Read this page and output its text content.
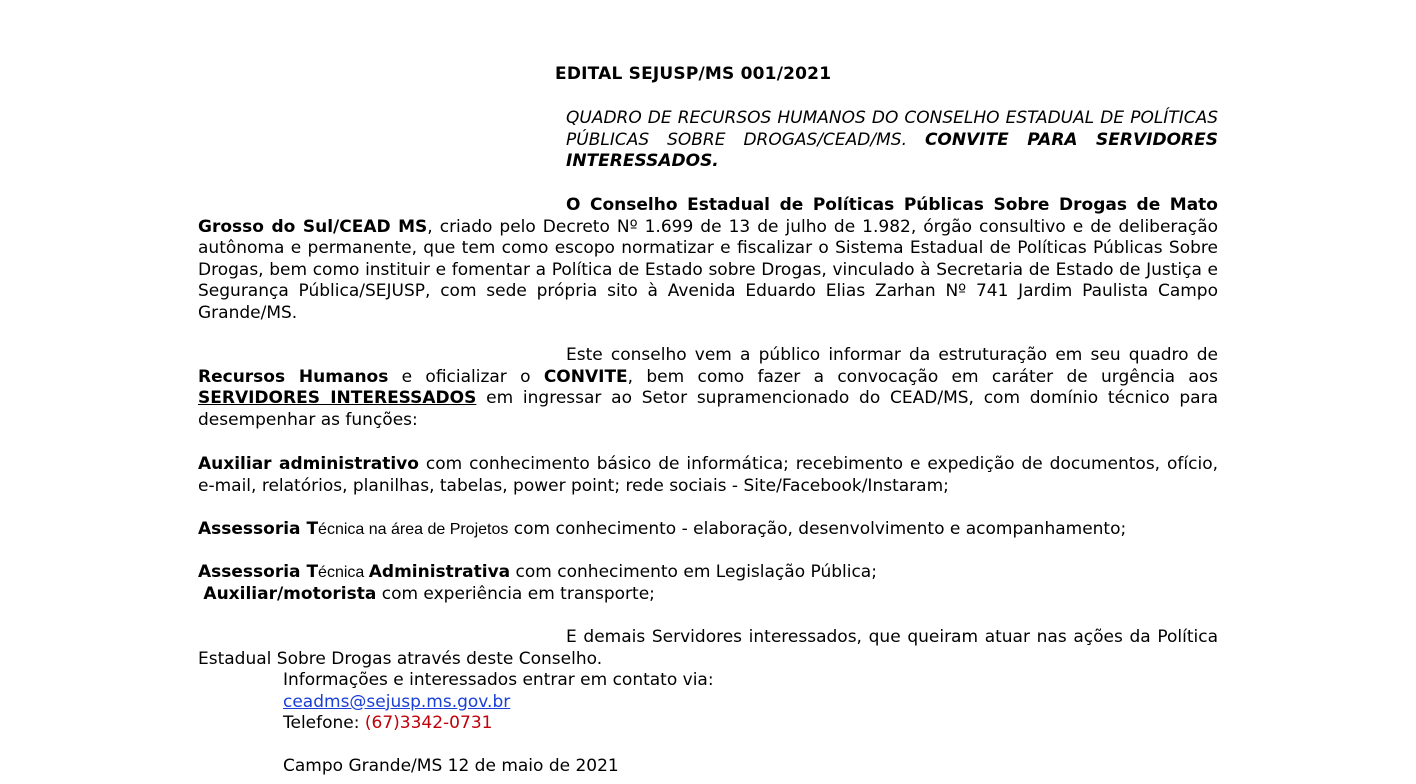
EDITAL SEJUSP/MS 001/2021
QUADRO DE RECURSOS HUMANOS DO CONSELHO ESTADUAL DE POLÍTICAS PÚBLICAS SOBRE DROGAS/CEAD/MS. CONVITE PARA SERVIDORES INTERESSADOS.
O Conselho Estadual de Políticas Públicas Sobre Drogas de Mato Grosso do Sul/CEAD MS, criado pelo Decreto Nº 1.699 de 13 de julho de 1.982, órgão consultivo e de deliberação autônoma e permanente, que tem como escopo normatizar e fiscalizar o Sistema Estadual de Políticas Públicas Sobre Drogas, bem como instituir e fomentar a Política de Estado sobre Drogas, vinculado à Secretaria de Estado de Justiça e Segurança Pública/SEJUSP, com sede própria sito à Avenida Eduardo Elias Zarhan Nº 741 Jardim Paulista Campo Grande/MS.
Este conselho vem a público informar da estruturação em seu quadro de Recursos Humanos e oficializar o CONVITE, bem como fazer a convocação em caráter de urgência aos SERVIDORES INTERESSADOS em ingressar ao Setor supramencionado do CEAD/MS, com domínio técnico para desempenhar as funções:
Auxiliar administrativo com conhecimento básico de informática; recebimento e expedição de documentos, ofício, e-mail, relatórios, planilhas, tabelas, power point; rede sociais - Site/Facebook/Instaram;
Assessoria Técnica na área de Projetos com conhecimento - elaboração, desenvolvimento e acompanhamento;
Assessoria Técnica Administrativa com conhecimento em Legislação Pública;
Auxiliar/motorista com experiência em transporte;
E demais Servidores interessados, que queiram atuar nas ações da Política Estadual Sobre Drogas através deste Conselho.
Informações e interessados entrar em contato via:
ceadms@sejusp.ms.gov.br
Telefone: (67)3342-0731
Campo Grande/MS 12 de maio de 2021
